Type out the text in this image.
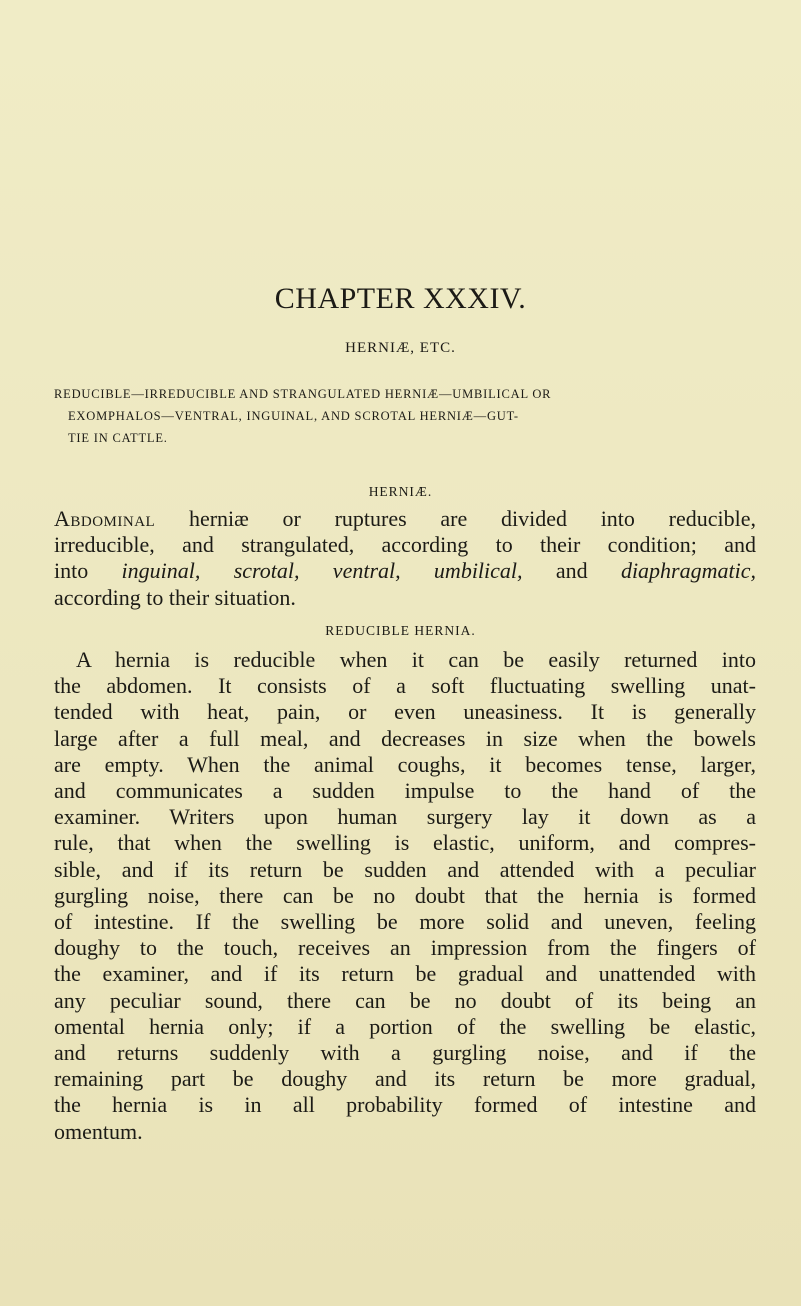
CHAPTER XXXIV.
HERNIÆ, ETC.
REDUCIBLE—IRREDUCIBLE AND STRANGULATED HERNIÆ—UMBILICAL OR
EXOMPHALOS—VENTRAL, INGUINAL, AND SCROTAL HERNIÆ—GUT-
TIE IN CATTLE.
HERNIÆ.
Abdominal herniæ or ruptures are divided into reducible,
irreducible, and strangulated, according to their condition; and
into inguinal, scrotal, ventral, umbilical, and diaphragmatic,
according to their situation.
REDUCIBLE HERNIA.
A hernia is reducible when it can be easily returned into
the abdomen. It consists of a soft fluctuating swelling unat-
tended with heat, pain, or even uneasiness. It is generally
large after a full meal, and decreases in size when the bowels
are empty. When the animal coughs, it becomes tense, larger,
and communicates a sudden impulse to the hand of the
examiner. Writers upon human surgery lay it down as a
rule, that when the swelling is elastic, uniform, and compres-
sible, and if its return be sudden and attended with a peculiar
gurgling noise, there can be no doubt that the hernia is formed
of intestine. If the swelling be more solid and uneven, feeling
doughy to the touch, receives an impression from the fingers of
the examiner, and if its return be gradual and unattended with
any peculiar sound, there can be no doubt of its being an
omental hernia only; if a portion of the swelling be elastic,
and returns suddenly with a gurgling noise, and if the
remaining part be doughy and its return be more gradual,
the hernia is in all probability formed of intestine and
omentum.
